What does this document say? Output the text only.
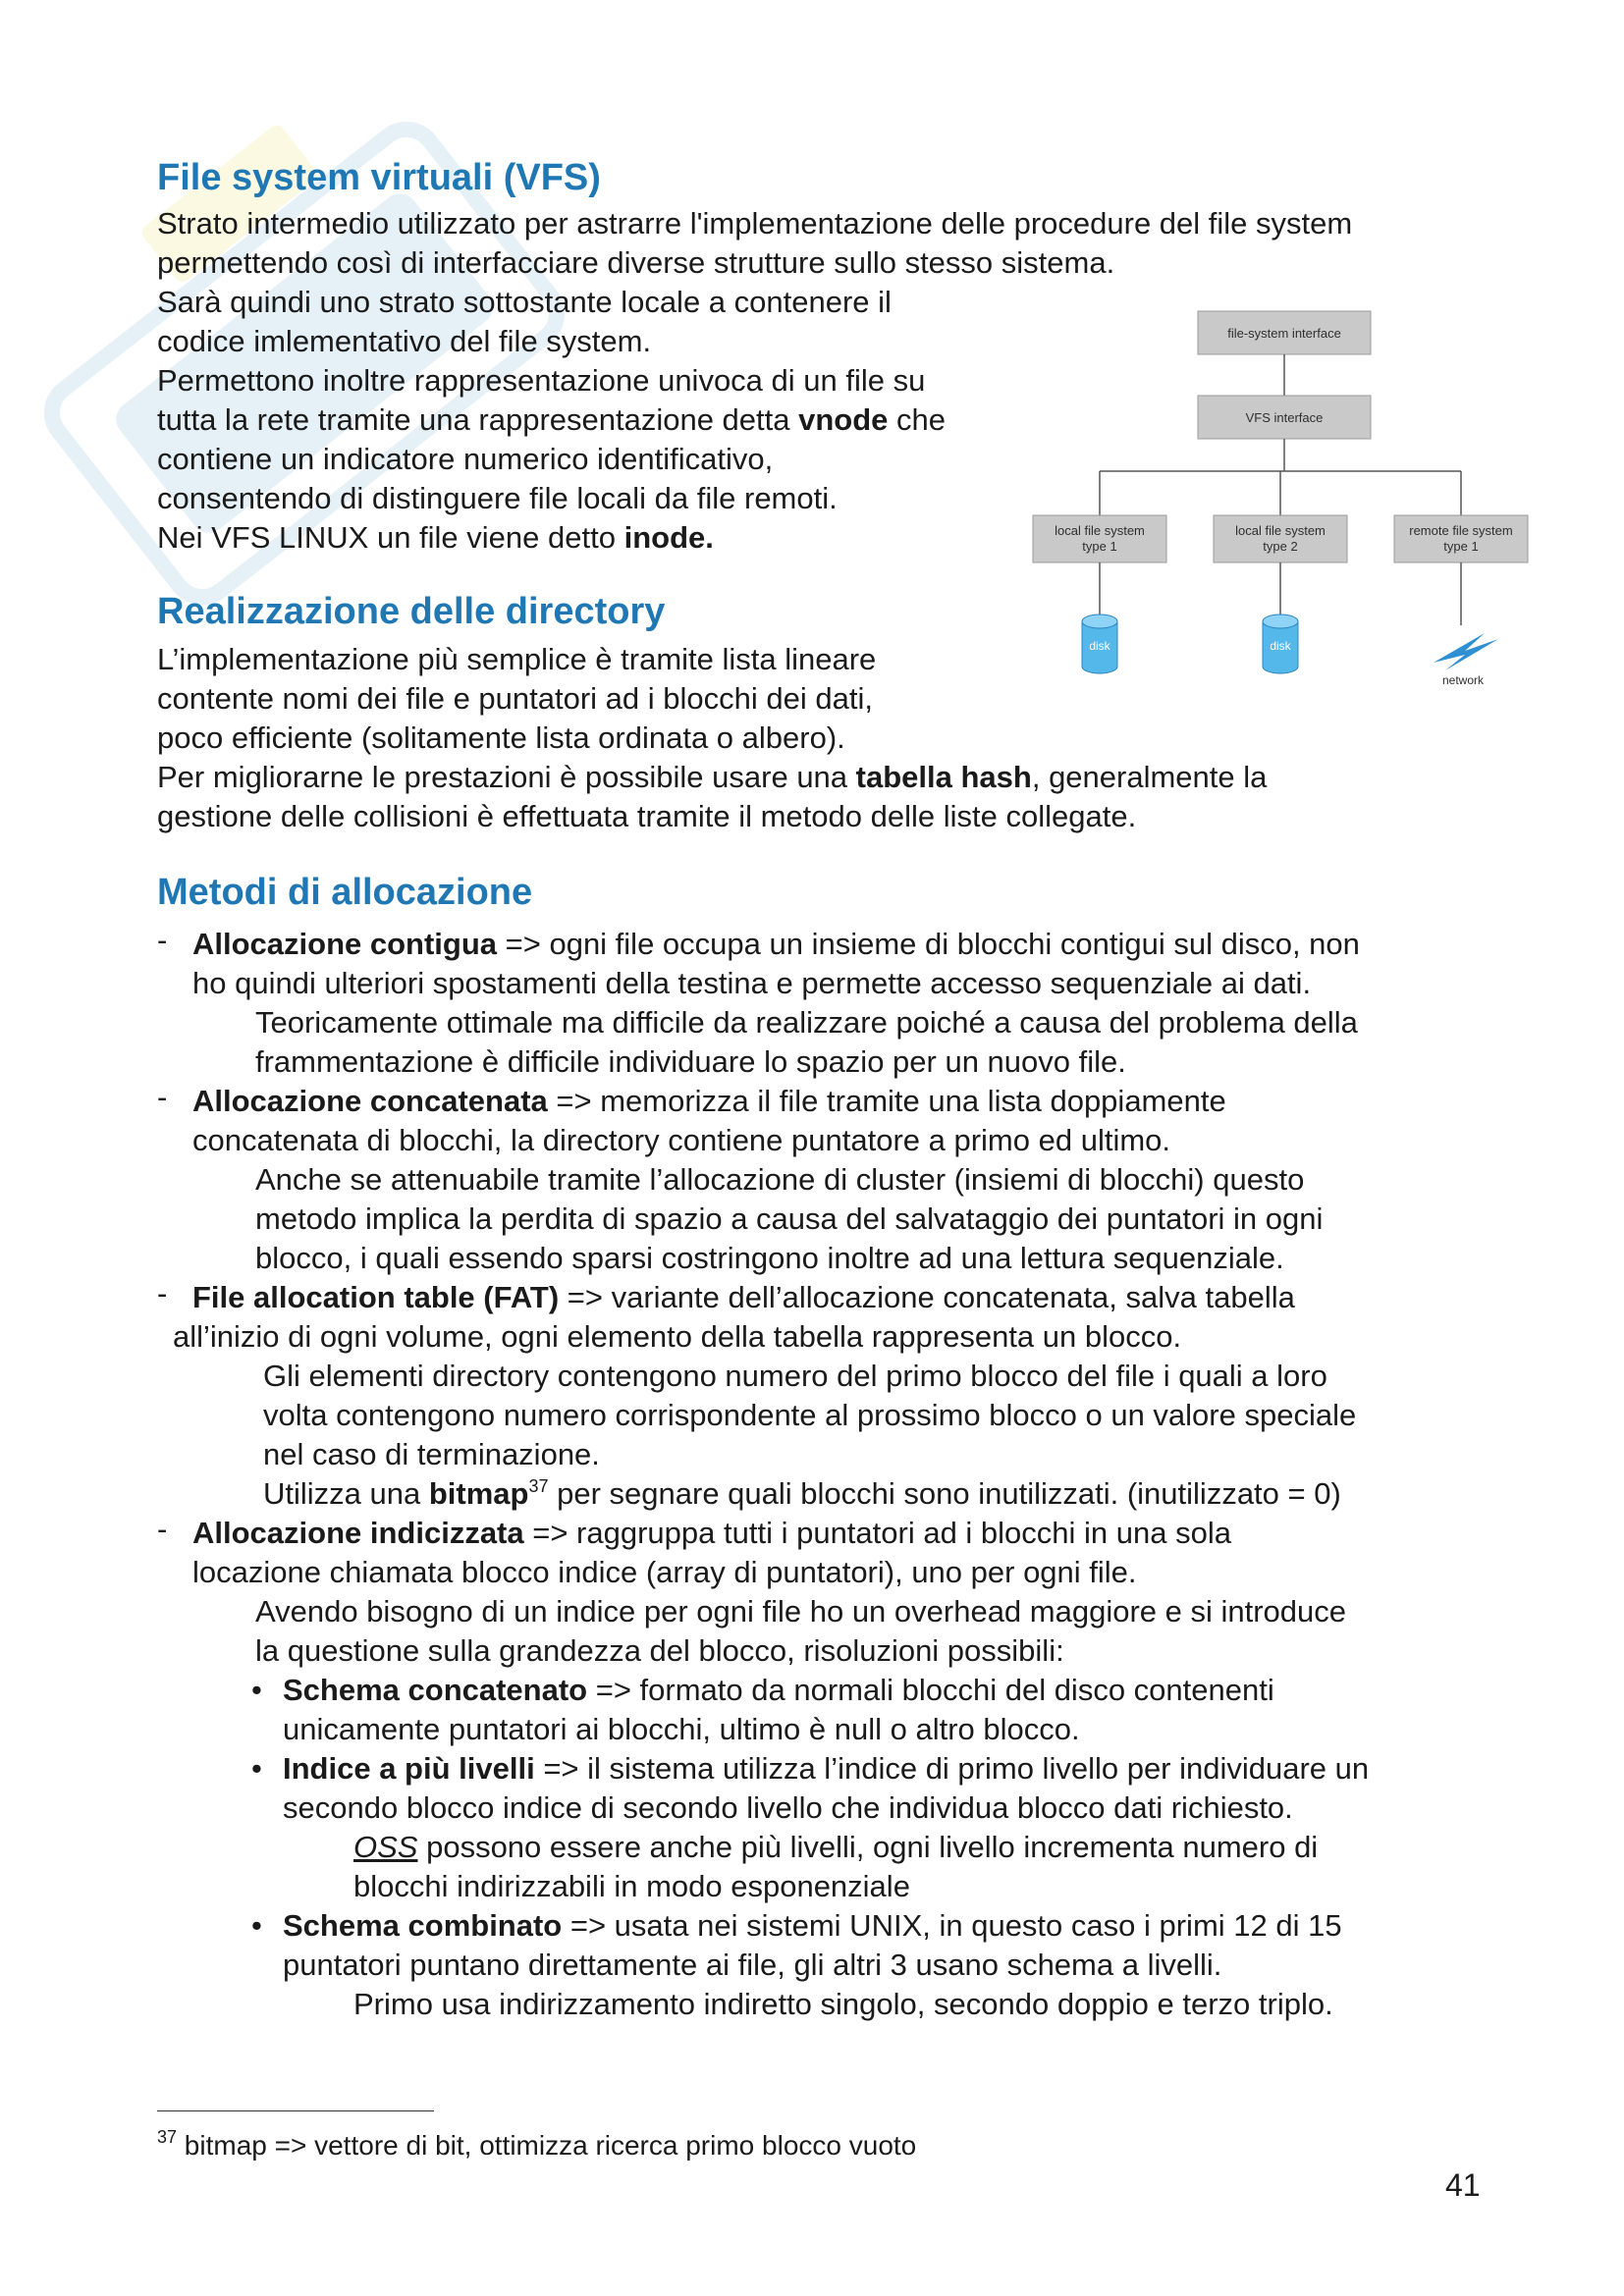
File system virtuali (VFS)

Strato intermedio utilizzato per astrarre l'implementazione delle procedure del file system

permettendo così di interfacciare diverse strutture sullo stesso sistema.

Sarà quindi uno strato sottostante locale a contenere il

codice imlementativo del file system.

Permettono inoltre rappresentazione univoca di un file su

tutta la rete tramite una rappresentazione detta vnode che

contiene un indicatore numerico identificativo,

consentendo di distinguere file locali da file remoti.

Nei VFS LINUX un file viene detto inode.

file-system interface
VFS interface
local file system
type 1
local file system
type 2
remote file system
type 1
disk	disk
network
Realizzazione delle directory

L’implementazione più semplice è tramite lista lineare

contente nomi dei file e puntatori ad i blocchi dei dati,

poco efficiente (solitamente lista ordinata o albero).

Per migliorarne le prestazioni è possibile usare una tabella hash, generalmente la

gestione delle collisioni è effettuata tramite il metodo delle liste collegate.

Metodi di allocazione
- Allocazione contigua => ogni file occupa un insieme di blocchi contigui sul disco, non

ho quindi ulteriori spostamenti della testina e permette accesso sequenziale ai dati.

Teoricamente ottimale ma difficile da realizzare poiché a causa del problema della

frammentazione è difficile individuare lo spazio per un nuovo file.

- Allocazione concatenata => memorizza il file tramite una lista doppiamente

concatenata di blocchi, la directory contiene puntatore a primo ed ultimo.

Anche se attenuabile tramite l’allocazione di cluster (insiemi di blocchi) questo

metodo implica la perdita di spazio a causa del salvataggio dei puntatori in ogni

blocco, i quali essendo sparsi costringono inoltre ad una lettura sequenziale.

- File allocation table (FAT) => variante dell’allocazione concatenata, salva tabella

all’inizio di ogni volume, ogni elemento della tabella rappresenta un blocco.

Gli elementi directory contengono numero del primo blocco del file i quali a loro

volta contengono numero corrispondente al prossimo blocco o un valore speciale

nel caso di terminazione.

Utilizza una bitmap$^{37}$ per segnare quali blocchi sono inutilizzati. (inutilizzato = 0)

- Allocazione indicizzata => raggruppa tutti i puntatori ad i blocchi in una sola

locazione chiamata blocco indice (array di puntatori), uno per ogni file.

Avendo bisogno di un indice per ogni file ho un overhead maggiore e si introduce

la questione sulla grandezza del blocco, risoluzioni possibili:

• Schema concatenato => formato da normali blocchi del disco contenenti

unicamente puntatori ai blocchi, ultimo è null o altro blocco.

• Indice a più livelli => il sistema utilizza l’indice di primo livello per individuare un

secondo blocco indice di secondo livello che individua blocco dati richiesto.

OSS possono essere anche più livelli, ogni livello incrementa numero di

blocchi indirizzabili in modo esponenziale

• Schema combinato => usata nei sistemi UNIX, in questo caso i primi 12 di 15

puntatori puntano direttamente ai file, gli altri 3 usano schema a livelli.

Primo usa indirizzamento indiretto singolo, secondo doppio e terzo triplo.

$^{37}$ bitmap => vettore di bit, ottimizza ricerca primo blocco vuoto
41
